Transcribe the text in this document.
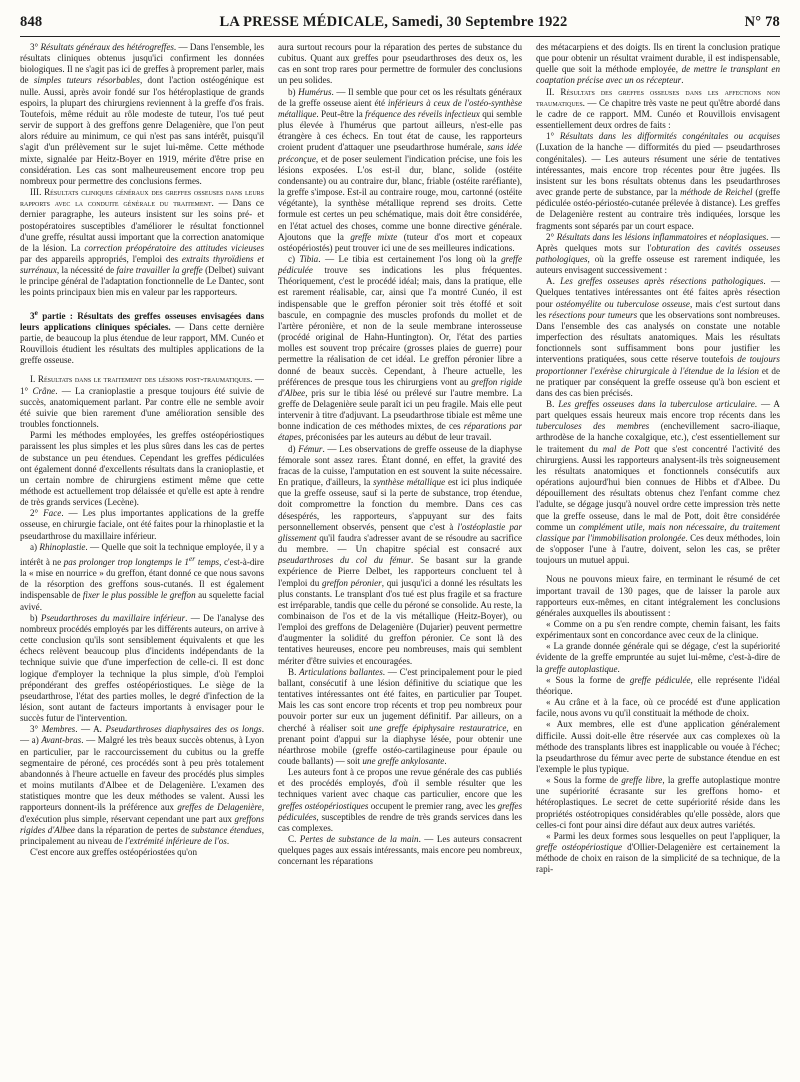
848	LA PRESSE MÉDICALE, Samedi, 30 Septembre 1922	N° 78

3° Résultats généraux des hétérogreffes. — Dans l'ensemble, les résultats cliniques obtenus jusqu'ici confirment les données biologiques. Il ne s'agit pas ici de greffes à proprement parler, mais de simples tuteurs résorbables, dont l'action ostéogénique est nulle. Aussi, après avoir fondé sur l'os hétéroplastique de grands espoirs, la plupart des chirurgiens reviennent à la greffe d'os frais. Toutefois, même réduit au rôle modeste de tuteur, l'os tué peut servir de support à des greffons genre Delagenière, que l'on peut alors réduire au minimum, ce qui n'est pas sans intérêt, puisqu'il s'agit d'un prélèvement sur le sujet lui-même. Cette méthode mixte, signalée par Heitz-Boyer en 1919, mérite d'être prise en considération. Les cas sont malheureusement encore trop peu nombreux pour permettre des conclusions fermes.

III. Résultats cliniques généraux des greffes osseuses dans leurs rapports avec la conduite générale du traitement. — Dans ce dernier paragraphe, les auteurs insistent sur les soins pré- et postopératoires susceptibles d'améliorer le résultat fonctionnel d'une greffe, résultat aussi important que la correction anatomique de la lésion. La correction préopératoire des attitudes vicieuses par des appareils appropriés, l'emploi des extraits thyroïdiens et surrénaux, la nécessité de faire travailler la greffe (Delbet) suivant le principe général de l'adaptation fonctionnelle de Le Dantec, sont les points principaux bien mis en valeur par les rapporteurs.

3e partie : Résultats des greffes osseuses envisagées dans leurs applications cliniques spéciales. — Dans cette dernière partie, de beaucoup la plus étendue de leur rapport, MM. Cunéo et Rouvillois étudient les résultats des multiples applications de la greffe osseuse.

I. Résultats dans le traitement des lésions post-traumatiques. — 1° Crâne. — La cranioplastie a presque toujours été suivie de succès, anatomiquement parlant. Par contre elle ne semble avoir été suivie que bien rarement d'une amélioration sensible des troubles fonctionnels.

Parmi les méthodes employées, les greffes ostéopériostiques paraissent les plus simples et les plus sûres dans les cas de pertes de substance un peu étendues. Cependant les greffes pédiculées ont également donné d'excellents résultats dans la cranioplastie, et un certain nombre de chirurgiens estiment même que cette méthode est actuellement trop délaissée et qu'elle est apte à rendre de très grands services (Lecène).

2° Face. — Les plus importantes applications de la greffe osseuse, en chirurgie faciale, ont été faites pour la rhinoplastie et la pseudarthrose du maxillaire inférieur.

a) Rhinoplastie. — Quelle que soit la technique employée, il y a intérêt à ne pas prolonger trop longtemps le 1er temps, c'est-à-dire la « mise en nourrice » du greffon, étant donné ce que nous savons de la résorption des greffons sous-cutanés. Il est également indispensable de fixer le plus possible le greffon au squelette facial avivé.

b) Pseudarthroses du maxillaire inférieur. — De l'analyse des nombreux procédés employés par les différents auteurs, on arrive à cette conclusion qu'ils sont sensiblement équivalents et que les échecs relèvent beaucoup plus d'incidents indépendants de la technique suivie que d'une imperfection de celle-ci. Il est donc logique d'employer la technique la plus simple, d'où l'emploi prépondérant des greffes ostéopériostiques. Le siège de la pseudarthrose, l'état des parties molles, le degré d'infection de la lésion, sont autant de facteurs importants à envisager pour le succès futur de l'intervention.

3° Membres. — A. Pseudarthroses diaphysaires des os longs. — a) Avant-bras. — Malgré les très beaux succès obtenus, à Lyon en particulier, par le raccourcissement du cubitus ou la greffe segmentaire de péroné, ces procédés sont à peu près totalement abandonnés à l'heure actuelle en faveur des procédés plus simples et moins mutilants d'Albee et de Delagenière. L'examen des statistiques montre que les deux méthodes se valent. Aussi les rapporteurs donnent-ils la préférence aux greffes de Delagenière, d'exécution plus simple, réservant cependant une part aux greffons rigides d'Albee dans la réparation de pertes de substance étendues, principalement au niveau de l'extrémité inférieure de l'os.

C'est encore aux greffes ostéopériostées qu'on

aura surtout recours pour la réparation des pertes de substance du cubitus. Quant aux greffes pour pseudarthroses des deux os, les cas en sont trop rares pour permettre de formuler des conclusions un peu solides.

b) Humérus. — Il semble que pour cet os les résultats généraux de la greffe osseuse aient été inférieurs à ceux de l'ostéo-synthèse métallique. Peut-être la fréquence des réveils infectieux qui semble plus élevée à l'humérus que partout ailleurs, n'est-elle pas étrangère à ces échecs. En tout état de cause, les rapporteurs croient prudent d'attaquer une pseudarthrose humérale, sans idée préconçue, et de poser seulement l'indication précise, une fois les lésions exposées. L'os est-il dur, blanc, solide (ostéite condensante) ou au contraire dur, blanc, friable (ostéite raréfiante), la greffe s'impose. Est-il au contraire rouge, mou, cartonné (ostéite végétante), la synthèse métallique reprend ses droits. Cette formule est certes un peu schématique, mais doit être considérée, en l'état actuel des choses, comme une bonne directive générale. Ajoutons que la greffe mixte (tuteur d'os mort et copeaux ostéopériostés) peut trouver ici une de ses meilleures indications.

c) Tibia. — Le tibia est certainement l'os long où la greffe pédiculée trouve ses indications les plus fréquentes. Théoriquement, c'est le procédé idéal; mais, dans la pratique, elle est rarement réalisable, car, ainsi que l'a montré Cunéo, il est indispensable que le greffon péronier soit très étoffé et soit bascule, en compagnie des muscles profonds du mollet et de l'artère péronière, et non de la seule membrane interosseuse (procédé original de Hahn-Huntington). Or, l'état des parties molles est souvent trop précaire (grosses plaies de guerre) pour permettre la réalisation de cet idéal. Le greffon péronier libre a donné de beaux succès. Cependant, à l'heure actuelle, les préférences de presque tous les chirurgiens vont au greffon rigide d'Albee, pris sur le tibia lésé ou prélevé sur l'autre membre. La greffe de Delagenière seule paraît ici un peu fragile. Mais elle peut intervenir à titre d'adjuvant. La pseudarthrose tibiale est même une bonne indication de ces méthodes mixtes, de ces réparations par étapes, préconisées par les auteurs au début de leur travail.

d) Fémur. — Les observations de greffe osseuse de la diaphyse fémorale sont assez rares. Étant donné, en effet, la gravité des fracas de la cuisse, l'amputation en est souvent la suite nécessaire. En pratique, d'ailleurs, la synthèse métallique est ici plus indiquée que la greffe osseuse, sauf si la perte de substance, trop étendue, doit compromettre la fonction du membre. Dans ces cas désespérés, les rapporteurs, s'appuyant sur des faits personnellement observés, pensent que c'est à l'ostéoplastie par glissement qu'il faudra s'adresser avant de se résoudre au sacrifice du membre. — Un chapitre spécial est consacré aux pseudarthroses du col du fémur. Se basant sur la grande expérience de Pierre Delbet, les rapporteurs concluent tel à l'emploi du greffon péronier, qui jusqu'ici a donné les résultats les plus constants. Le transplant d'os tué est plus fragile et sa fracture est irréparable, tandis que celle du péroné se consolide. Au reste, la combinaison de l'os et de la vis métallique (Heitz-Boyer), ou l'emploi des greffons de Delagenière (Dujarier) peuvent permettre d'augmenter la solidité du greffon péronier. Ce sont là des tentatives heureuses, encore peu nombreuses, mais qui semblent mériter d'être suivies et encouragées.

B. Articulations ballantes. — C'est principalement pour le pied ballant, consécutif à une lésion définitive du sciatique que les tentatives intéressantes ont été faites, en particulier par Toupet. Mais les cas sont encore trop récents et trop peu nombreux pour pouvoir porter sur eux un jugement définitif. Par ailleurs, on a cherché à réaliser soit une greffe épiphysaire restauratrice, en prenant point d'appui sur la diaphyse lésée, pour obtenir une néarthrose mobile (greffe ostéo-cartilagineuse pour épaule ou coude ballants) — soit une greffe ankylosante.

Les auteurs font à ce propos une revue générale des cas publiés et des procédés employés, d'où il semble résulter que les techniques varient avec chaque cas particulier, encore que les greffes ostéopériostiques occupent le premier rang, avec les greffes pédiculées, susceptibles de rendre de très grands services dans les cas complexes.

C. Pertes de substance de la main. — Les auteurs consacrent quelques pages aux essais intéressants, mais encore peu nombreux, concernant les réparations

des métacarpiens et des doigts. Ils en tirent la conclusion pratique que pour obtenir un résultat vraiment durable, il est indispensable, quelle que soit la méthode employée, de mettre le transplant en coaptation précise avec un os récepteur.

II. Résultats des greffes osseuses dans les affections non traumatiques. — Ce chapitre très vaste ne peut qu'être abordé dans le cadre de ce rapport. MM. Cunéo et Rouvillois envisagent essentiellement deux ordres de faits :

1° Résultats dans les difformités congénitales ou acquises (Luxation de la hanche — difformités du pied — pseudarthroses congénitales). — Les auteurs résument une série de tentatives intéressantes, mais encore trop récentes pour être jugées. Ils insistent sur les bons résultats obtenus dans les pseudarthroses avec grande perte de substance, par la méthode de Reichel (greffe pédiculée ostéo-périostéo-cutanée prélevée à distance). Les greffes de Delagenière restent au contraire très indiquées, lorsque les fragments sont séparés par un court espace.

2° Résultats dans les lésions inflammatoires et néoplasiques. — Après quelques mots sur l'obturation des cavités osseuses pathologiques, où la greffe osseuse est rarement indiquée, les auteurs envisagent successivement :

A. Les greffes osseuses après résections pathologiques. — Quelques tentatives intéressantes ont été faites après résection pour ostéomyélite ou tuberculose osseuse, mais c'est surtout dans les résections pour tumeurs que les observations sont nombreuses. Dans l'ensemble des cas analysés on constate une notable imperfection des résultats anatomiques. Mais les résultats fonctionnels sont suffisamment bons pour justifier les interventions pratiquées, sous cette réserve toutefois de toujours proportionner l'exérèse chirurgicale à l'étendue de la lésion et de ne pratiquer par conséquent la greffe osseuse qu'à bon escient et dans des cas bien précisés.

B. Les greffes osseuses dans la tuberculose articulaire. — A part quelques essais heureux mais encore trop récents dans les tuberculoses des membres (enchevillement sacro-iliaque, arthrodèse de la hanche coxalgique, etc.), c'est essentiellement sur le traitement du mal de Pott que s'est concentré l'activité des chirurgiens. Aussi les rapporteurs analysent-ils très soigneusement les résultats anatomiques et fonctionnels consécutifs aux opérations aujourd'hui bien connues de Hibbs et d'Albee. Du dépouillement des résultats obtenus chez l'enfant comme chez l'adulte, se dégage jusqu'à nouvel ordre cette impression très nette que la greffe osseuse, dans le mal de Pott, doit être considérée comme un complément utile, mais non nécessaire, du traitement classique par l'immobilisation prolongée. Ces deux méthodes, loin de s'opposer l'une à l'autre, doivent, selon les cas, se prêter toujours un mutuel appui.

Nous ne pouvons mieux faire, en terminant le résumé de cet important travail de 130 pages, que de laisser la parole aux rapporteurs eux-mêmes, en citant intégralement les conclusions générales auxquelles ils aboutissent :

« Comme on a pu s'en rendre compte, chemin faisant, les faits expérimentaux sont en concordance avec ceux de la clinique.

« La grande donnée générale qui se dégage, c'est la supériorité évidente de la greffe empruntée au sujet lui-même, c'est-à-dire de la greffe autoplastique.

« Sous la forme de greffe pédiculée, elle représente l'idéal théorique.

« Au crâne et à la face, où ce procédé est d'une application facile, nous avons vu qu'il constituait la méthode de choix.

« Aux membres, elle est d'une application généralement difficile. Aussi doit-elle être réservée aux cas complexes où la méthode des transplants libres est inapplicable ou vouée à l'échec; la pseudarthrose du fémur avec perte de substance étendue en est l'exemple le plus typique.

« Sous la forme de greffe libre, la greffe autoplastique montre une supériorité écrasante sur les greffons homo- et hétéroplastiques. Le secret de cette supériorité réside dans les propriétés ostéotropiques considérables qu'elle possède, alors que celles-ci font pour ainsi dire défaut aux deux autres variétés.

« Parmi les deux formes sous lesquelles on peut l'appliquer, la greffe ostéopériostique d'Ollier-Delagenière est certainement la méthode de choix en raison de la simplicité de sa technique, de la rapi-
